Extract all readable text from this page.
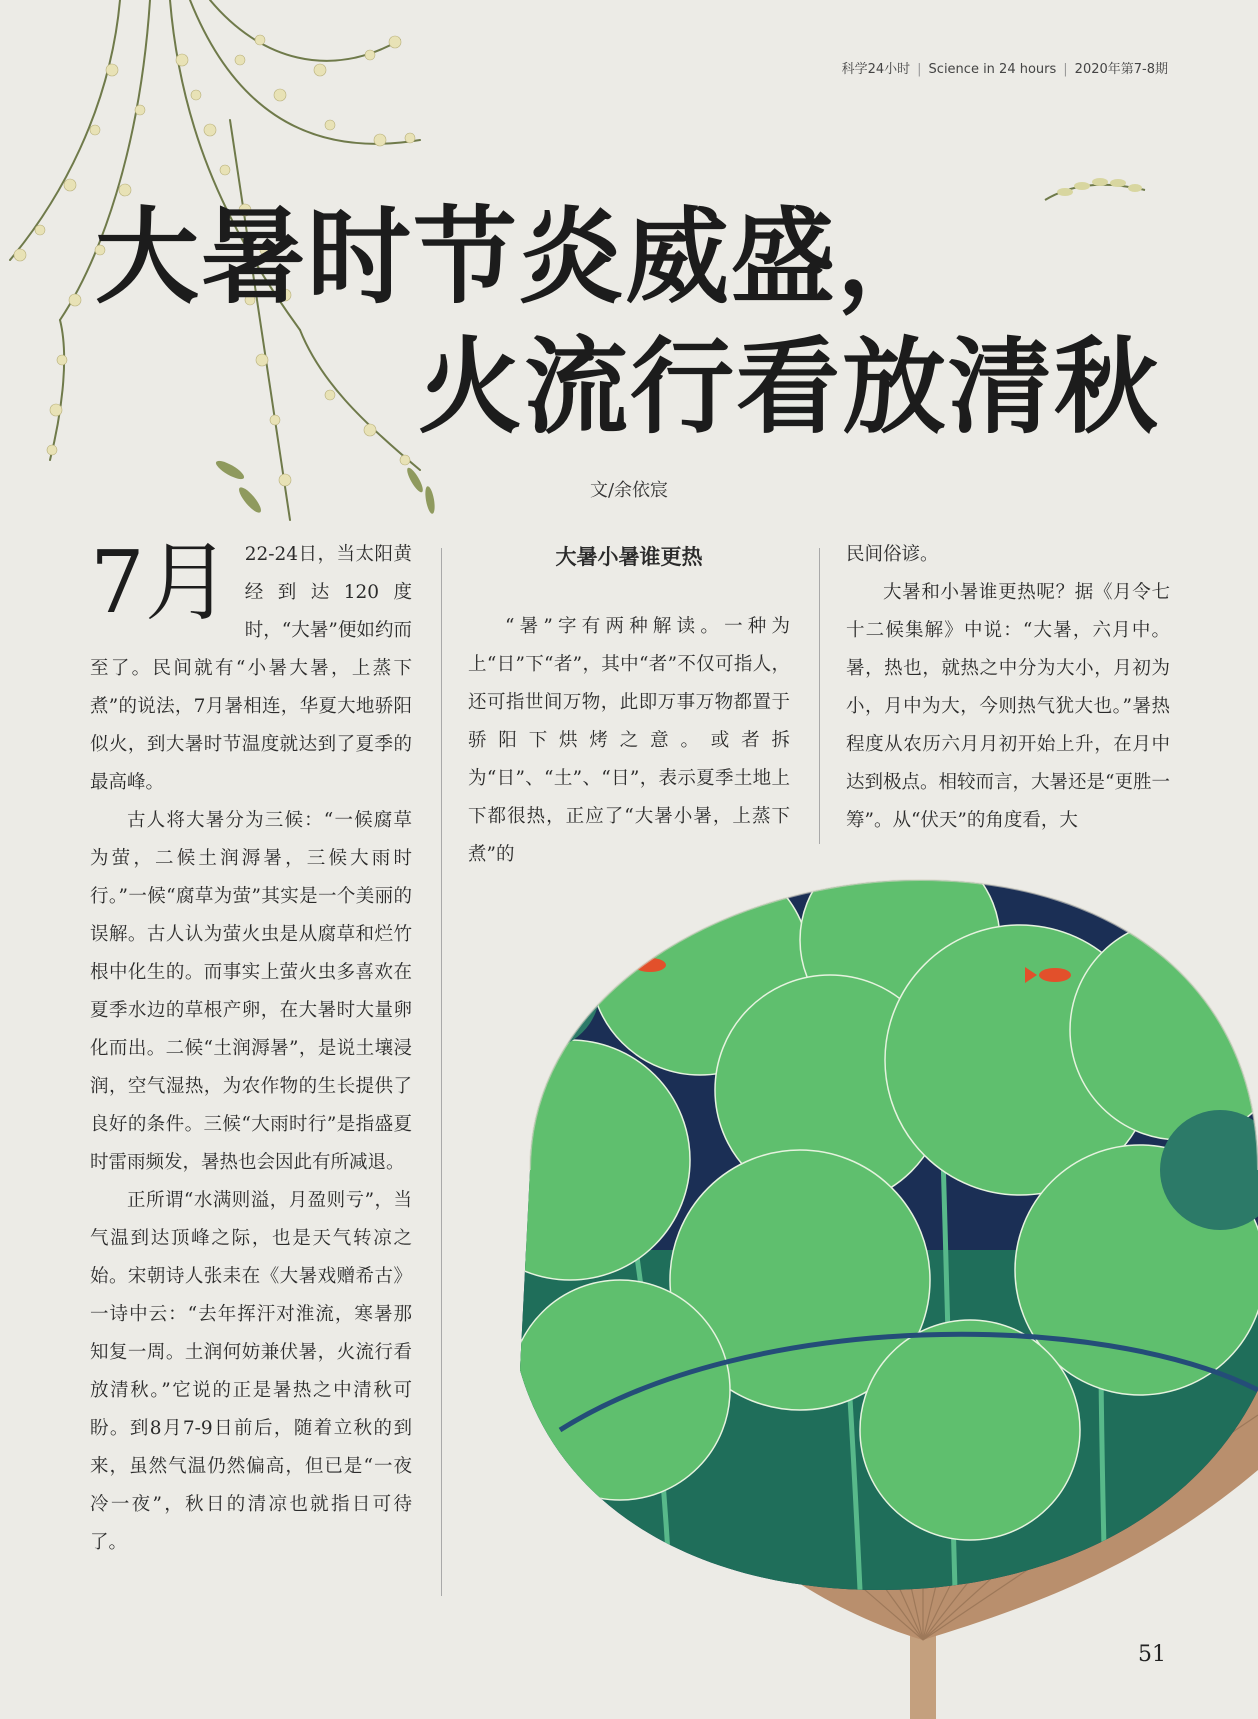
科学24小时 | Science in 24 hours | 2020年第7-8期
大暑时节炎威盛，
火流行看放清秋
文/余依宸

7月 22-24日，当太阳黄经到达120度时，“大暑”便如约而至了。民间就有“小暑大暑，上蒸下煮”的说法，7月暑相连，华夏大地骄阳似火，到大暑时节温度就达到了夏季的最高峰。

古人将大暑分为三候：“一候腐草为萤，二候土润溽暑，三候大雨时行。”一候“腐草为萤”其实是一个美丽的误解。古人认为萤火虫是从腐草和烂竹根中化生的。而事实上萤火虫多喜欢在夏季水边的草根产卵，在大暑时大量卵化而出。二候“土润溽暑”，是说土壤浸润，空气湿热，为农作物的生长提供了良好的条件。三候“大雨时行”是指盛夏时雷雨频发，暑热也会因此有所减退。

正所谓“水满则溢，月盈则亏”，当气温到达顶峰之际，也是天气转凉之始。宋朝诗人张耒在《大暑戏赠希古》一诗中云：“去年挥汗对淮流，寒暑那知复一周。土润何妨兼伏暑，火流行看放清秋。”它说的正是暑热之中清秋可盼。到8月7-9日前后，随着立秋的到来，虽然气温仍然偏高，但已是“一夜冷一夜”，秋日的清凉也就指日可待了。

大暑小暑谁更热

“暑”字有两种解读。一种为上“日”下“者”，其中“者”不仅可指人，还可指世间万物，此即万事万物都置于骄阳下烘烤之意。或者拆为“日”、“土”、“日”，表示夏季土地上下都很热，正应了“大暑小暑，上蒸下煮”的

民间俗谚。

大暑和小暑谁更热呢？据《月令七十二候集解》中说：“大暑，六月中。暑，热也，就热之中分为大小，月初为小，月中为大，今则热气犹大也。”暑热程度从农历六月月初开始上升，在月中达到极点。相较而言，大暑还是“更胜一筹”。从“伏天”的角度看，大

51
